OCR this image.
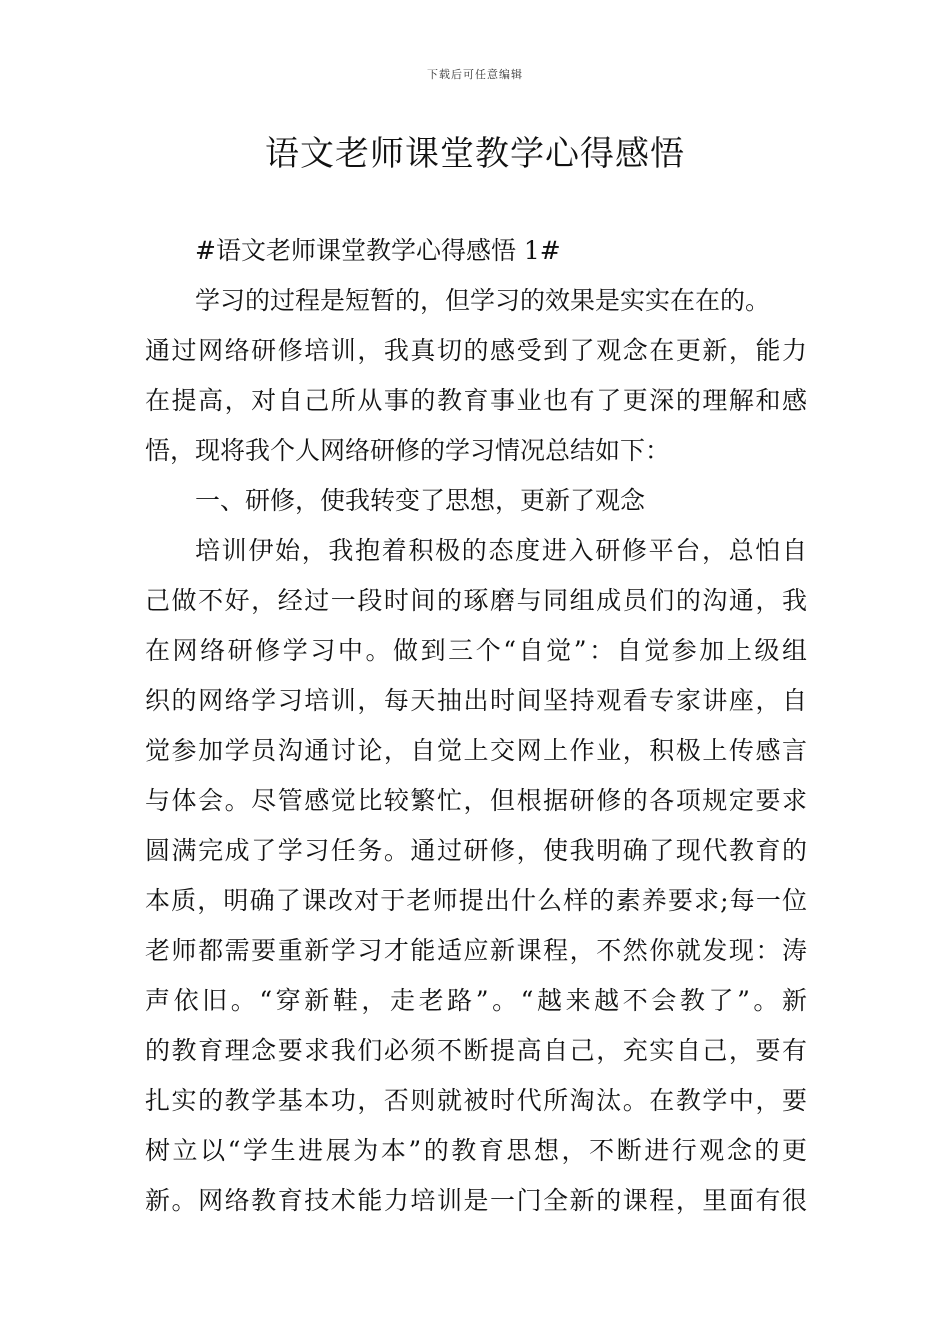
下载后可任意编辑
语文老师课堂教学心得感悟
#语文老师课堂教学心得感悟 1#
学习的过程是短暂的，但学习的效果是实实在在的。
通过网络研修培训，我真切的感受到了观念在更新，能力
在提高，对自己所从事的教育事业也有了更深的理解和感
悟，现将我个人网络研修的学习情况总结如下：
一、研修，使我转变了思想，更新了观念
培训伊始，我抱着积极的态度进入研修平台，总怕自
己做不好，经过一段时间的琢磨与同组成员们的沟通，我
在网络研修学习中。做到三个“自觉”：自觉参加上级组
织的网络学习培训，每天抽出时间坚持观看专家讲座，自
觉参加学员沟通讨论，自觉上交网上作业，积极上传感言
与体会。尽管感觉比较繁忙，但根据研修的各项规定要求
圆满完成了学习任务。通过研修，使我明确了现代教育的
本质，明确了课改对于老师提出什么样的素养要求;每一位
老师都需要重新学习才能适应新课程，不然你就发现：涛
声依旧。“穿新鞋，走老路”。“越来越不会教了”。新
的教育理念要求我们必须不断提高自己，充实自己，要有
扎实的教学基本功，否则就被时代所淘汰。在教学中，要
树立以“学生进展为本”的教育思想，不断进行观念的更
新。网络教育技术能力培训是一门全新的课程，里面有很
